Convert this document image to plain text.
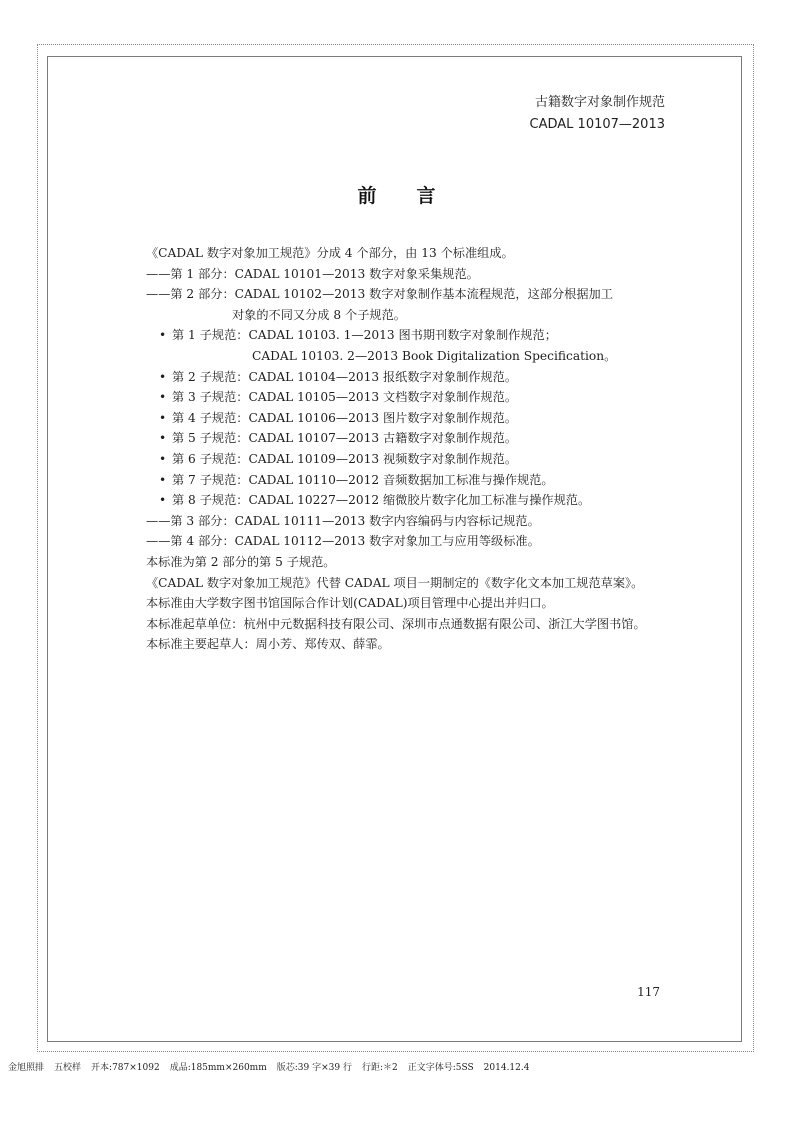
古籍数字对象制作规范
CADAL 10107—2013
前言
《CADAL 数字对象加工规范》分成 4 个部分，由 13 个标准组成。
——第 1 部分：CADAL 10101—2013 数字对象采集规范。
——第 2 部分：CADAL 10102—2013 数字对象制作基本流程规范，这部分根据加工
对象的不同又分成 8 个子规范。
• 第 1 子规范：CADAL 10103. 1—2013 图书期刊数字对象制作规范；
CADAL 10103. 2—2013 Book Digitalization Specification。
• 第 2 子规范：CADAL 10104—2013 报纸数字对象制作规范。
• 第 3 子规范：CADAL 10105—2013 文档数字对象制作规范。
• 第 4 子规范：CADAL 10106—2013 图片数字对象制作规范。
• 第 5 子规范：CADAL 10107—2013 古籍数字对象制作规范。
• 第 6 子规范：CADAL 10109—2013 视频数字对象制作规范。
• 第 7 子规范：CADAL 10110—2012 音频数据加工标准与操作规范。
• 第 8 子规范：CADAL 10227—2012 缩微胶片数字化加工标准与操作规范。
——第 3 部分：CADAL 10111—2013 数字内容编码与内容标记规范。
——第 4 部分：CADAL 10112—2013 数字对象加工与应用等级标准。
本标准为第 2 部分的第 5 子规范。
《CADAL 数字对象加工规范》代替 CADAL 项目一期制定的《数字化文本加工规范草案》。
本标准由大学数字图书馆国际合作计划(CADAL)项目管理中心提出并归口。
本标准起草单位：杭州中元数据科技有限公司、深圳市点通数据有限公司、浙江大学图书馆。
本标准主要起草人：周小芳、郑传双、薛霏。
117
金旭照排 五校样 开本:787×1092 成品:185mm×260mm 版芯:39 字×39 行 行距:＊2 正文字体号:5SS 2014.12.4
